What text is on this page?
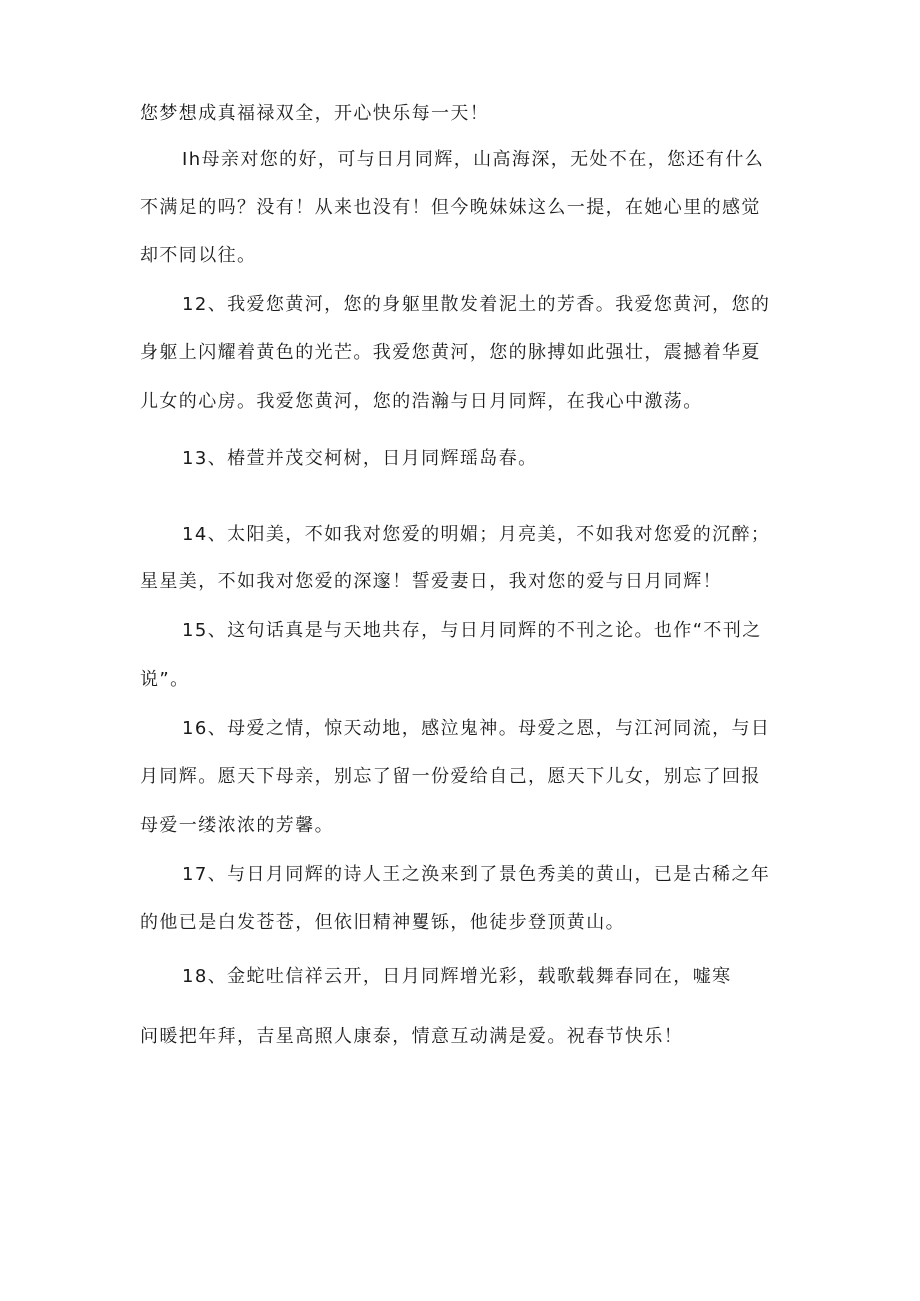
您梦想成真福禄双全，开心快乐每一天！
Ih母亲对您的好，可与日月同辉，山高海深，无处不在，您还有什么
不满足的吗？没有！从来也没有！但今晚妹妹这么一提，在她心里的感觉
却不同以往。
12、我爱您黄河，您的身躯里散发着泥土的芳香。我爱您黄河，您的
身躯上闪耀着黄色的光芒。我爱您黄河，您的脉搏如此强壮，震撼着华夏
儿女的心房。我爱您黄河，您的浩瀚与日月同辉，在我心中激荡。
13、椿萱并茂交柯树，日月同辉瑶岛春。
14、太阳美，不如我对您爱的明媚；月亮美，不如我对您爱的沉醉；
星星美，不如我对您爱的深邃！誓爱妻日，我对您的爱与日月同辉！
15、这句话真是与天地共存，与日月同辉的不刊之论。也作“不刊之
说”。
16、母爱之情，惊天动地，感泣鬼神。母爱之恩，与江河同流，与日
月同辉。愿天下母亲，别忘了留一份爱给自己，愿天下儿女，别忘了回报
母爱一缕浓浓的芳馨。
17、与日月同辉的诗人王之涣来到了景色秀美的黄山，已是古稀之年
的他已是白发苍苍，但依旧精神矍铄，他徒步登顶黄山。
18、金蛇吐信祥云开，日月同辉增光彩，载歌载舞春同在，嘘寒
问暖把年拜，吉星高照人康泰，情意互动满是爱。祝春节快乐！
